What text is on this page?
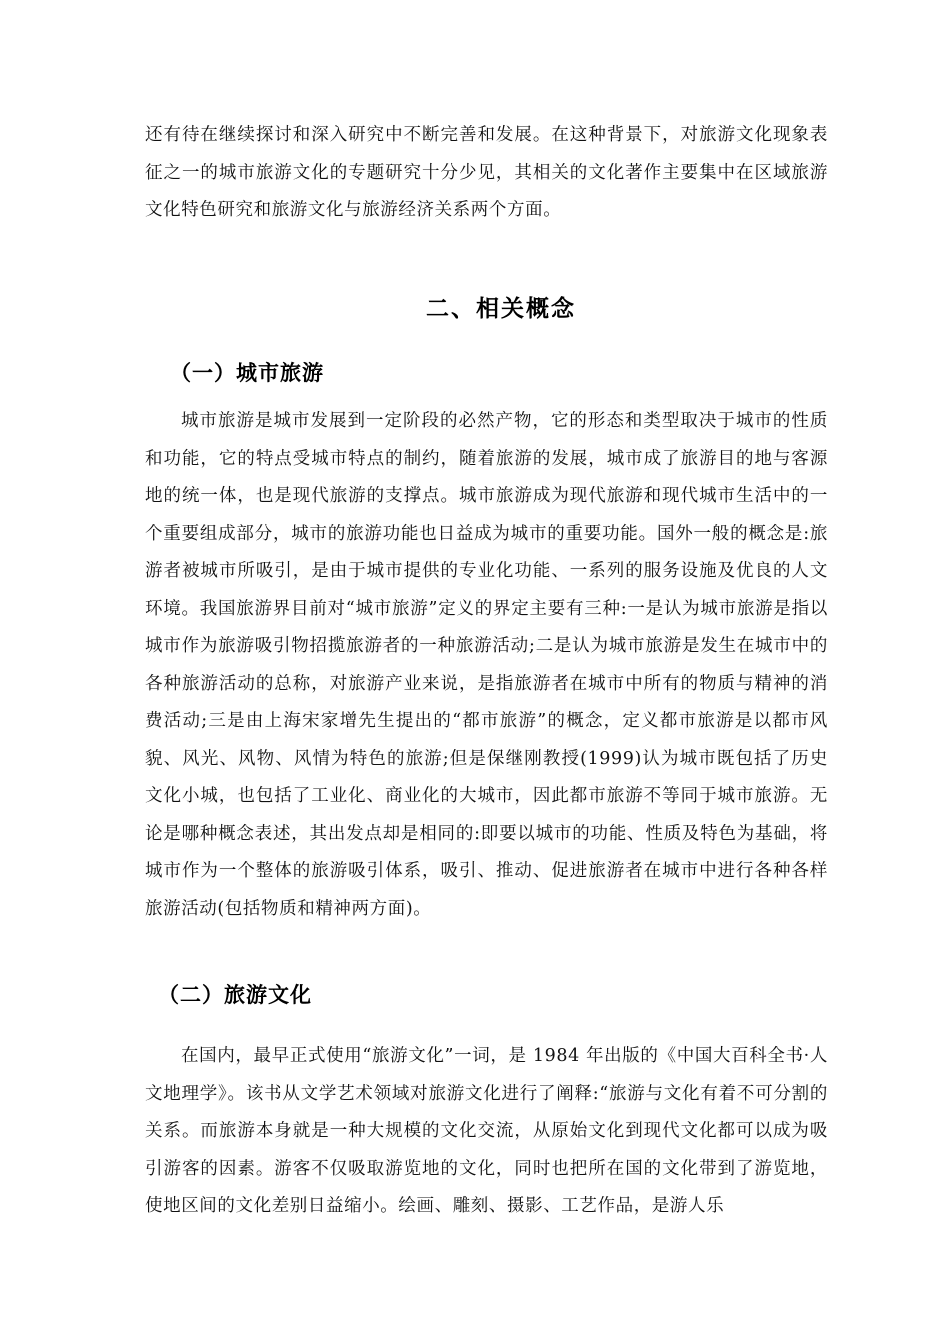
还有待在继续探讨和深入研究中不断完善和发展。在这种背景下，对旅游文化现象表征之一的城市旅游文化的专题研究十分少见，其相关的文化著作主要集中在区域旅游文化特色研究和旅游文化与旅游经济关系两个方面。

二、相关概念
（一）城市旅游

城市旅游是城市发展到一定阶段的必然产物，它的形态和类型取决于城市的性质和功能，它的特点受城市特点的制约，随着旅游的发展，城市成了旅游目的地与客源地的统一体，也是现代旅游的支撑点。城市旅游成为现代旅游和现代城市生活中的一个重要组成部分，城市的旅游功能也日益成为城市的重要功能。国外一般的概念是:旅游者被城市所吸引，是由于城市提供的专业化功能、一系列的服务设施及优良的人文环境。我国旅游界目前对“城市旅游”定义的界定主要有三种:一是认为城市旅游是指以城市作为旅游吸引物招揽旅游者的一种旅游活动;二是认为城市旅游是发生在城市中的各种旅游活动的总称，对旅游产业来说，是指旅游者在城市中所有的物质与精神的消费活动;三是由上海宋家增先生提出的“都市旅游”的概念，定义都市旅游是以都市风貌、风光、风物、风情为特色的旅游;但是保继刚教授(1999)认为城市既包括了历史文化小城，也包括了工业化、商业化的大城市，因此都市旅游不等同于城市旅游。无论是哪种概念表述，其出发点却是相同的:即要以城市的功能、性质及特色为基础，将城市作为一个整体的旅游吸引体系，吸引、推动、促进旅游者在城市中进行各种各样旅游活动(包括物质和精神两方面)。

（二）旅游文化

在国内，最早正式使用“旅游文化”一词，是 1984 年出版的《中国大百科全书·人文地理学》。该书从文学艺术领域对旅游文化进行了阐释:“旅游与文化有着不可分割的关系。而旅游本身就是一种大规模的文化交流，从原始文化到现代文化都可以成为吸引游客的因素。游客不仅吸取游览地的文化，同时也把所在国的文化带到了游览地，使地区间的文化差别日益缩小。绘画、雕刻、摄影、工艺作品，是游人乐
